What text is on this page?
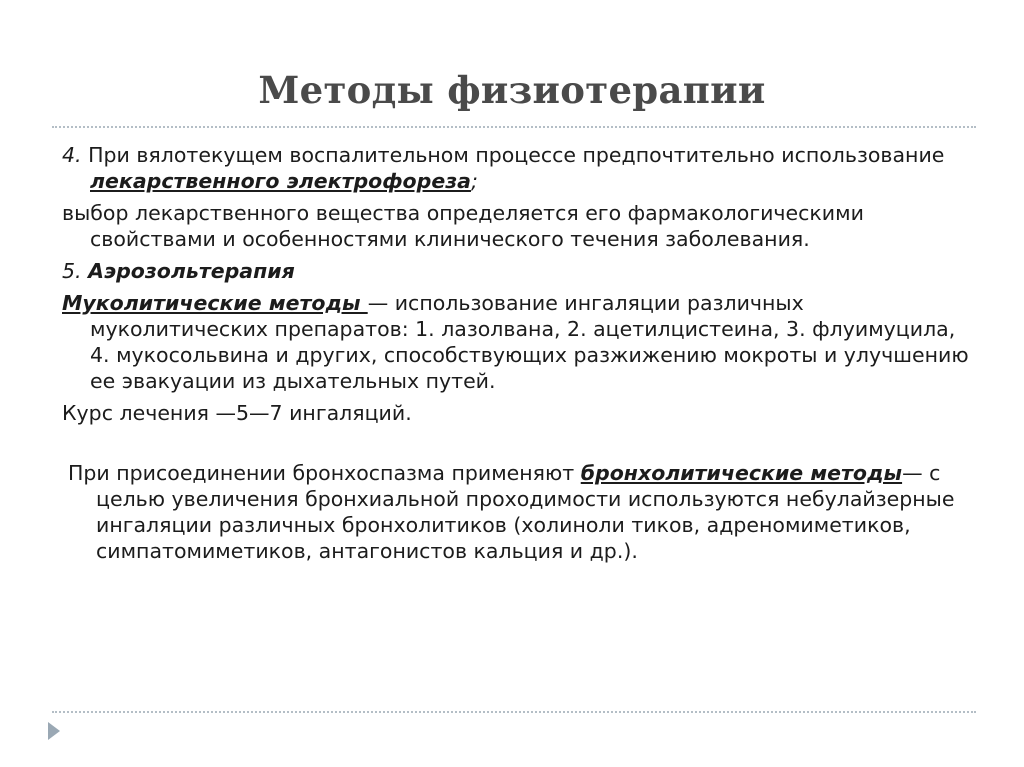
Методы физиотерапии

4. При вялотекущем воспалительном процессе предпочтительно использование лекарственного электрофореза;

выбор лекарственного вещества определяется его фармакологическими свойствами и особенностями клинического течения заболевания.

5. Аэрозольтерапия

Муколитические методы — использование ингаляции различных муколитических препаратов: 1. лазолвана, 2. ацетилцистеина, 3. флуимуцила, 4. мукосольвина и других, способствующих разжижению мокроты и улучшению ее эвакуации из дыхательных путей.

Курс лечения —5—7 ингаляций.

При присоединении бронхоспазма применяют бронхолитические методы— с целью увеличения бронхиальной проходимости используются небулайзерные ингаляции различных бронхолитиков (холиноли тиков, адреномиметиков, симпатомиметиков, антагонистов кальция и др.).
